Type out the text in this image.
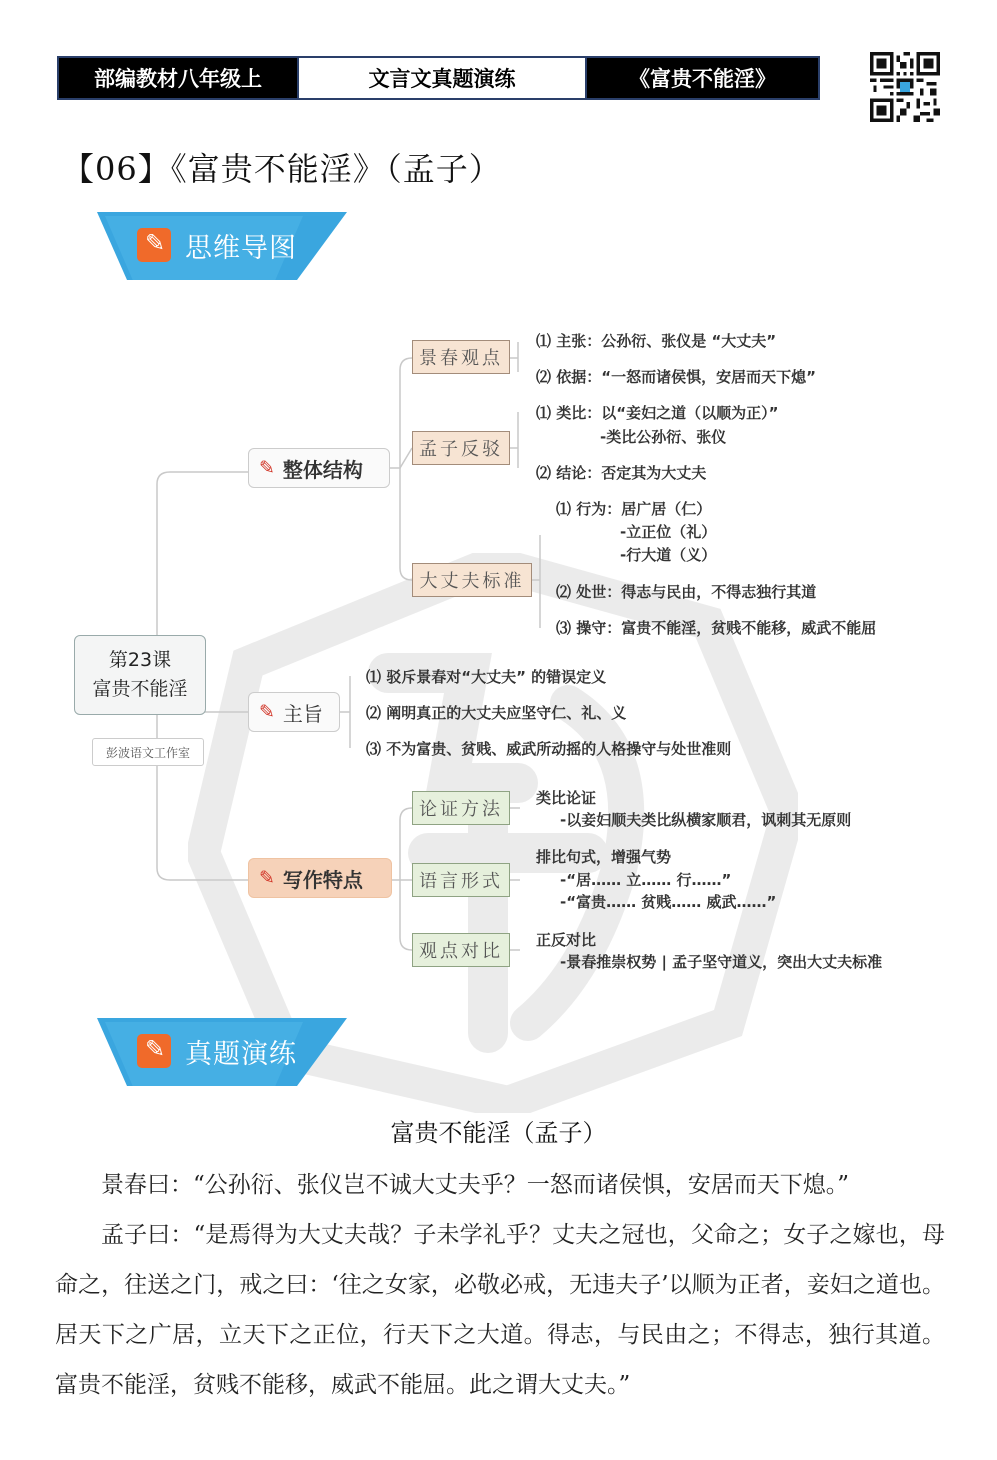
部编教材八年级上	文言文真题演练	《富贵不能淫》
【06】《富贵不能淫》（孟子）
✎
思维导图
第23课
富贵不能淫
彭波语文工作室
✎ 整体结构
✎ 主旨
✎ 写作特点
景春观点
孟子反驳
大丈夫标准
论证方法
语言形式
观点对比
⑴ 主张：公孙衍、张仪是 “大丈夫”
⑵ 依据：“一怒而诸侯惧，安居而天下熄”
⑴ 类比：以“妾妇之道（以顺为正）”
-类比公孙衍、张仪
⑵ 结论：否定其为大丈夫
⑴ 行为：居广居（仁）
-立正位（礼）
-行大道（义）
⑵ 处世：得志与民由，不得志独行其道
⑶ 操守：富贵不能淫，贫贱不能移，威武不能屈
⑴ 驳斥景春对“大丈夫” 的错误定义
⑵ 阐明真正的大丈夫应坚守仁、礼、义
⑶ 不为富贵、贫贱、威武所动摇的人格操守与处世准则
类比论证
-以妾妇顺夫类比纵横家顺君，讽刺其无原则
排比句式，增强气势
-“居…… 立…… 行……”
-“富贵…… 贫贱…… 威武……”
正反对比
-景春推崇权势 | 孟子坚守道义，突出大丈夫标准
✎
真题演练
富贵不能淫（孟子）

景春曰：“公孙衍、张仪岂不诚大丈夫乎？一怒而诸侯惧，安居而天下熄。”

孟子曰：“是焉得为大丈夫哉？子未学礼乎？丈夫之冠也，父命之；女子之嫁也，母命之，往送之门，戒之曰：‘往之女家，必敬必戒，无违夫子’以顺为正者，妾妇之道也。居天下之广居，立天下之正位，行天下之大道。得志，与民由之；不得志，独行其道。富贵不能淫，贫贱不能移，威武不能屈。此之谓大丈夫。”
